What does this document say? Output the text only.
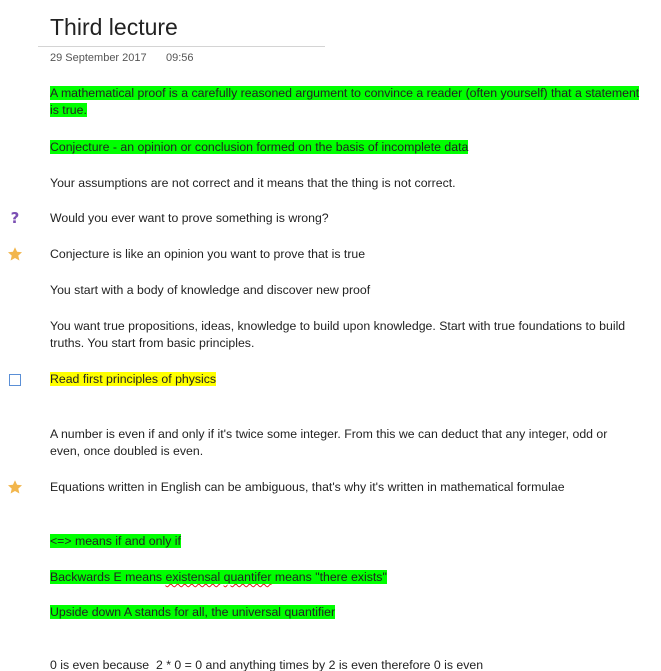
Third lecture
29 September 2017 09:56
A mathematical proof is a carefully reasoned argument to convince a reader (often yourself) that a statement is true.
Conjecture - an opinion or conclusion formed on the basis of incomplete data
Your assumptions are not correct and it means that the thing is not correct.
? Would you ever want to prove something is wrong?
Conjecture is like an opinion you want to prove that is true
You start with a body of knowledge and discover new proof
You want true propositions, ideas, knowledge to build upon knowledge. Start with true foundations to build truths. You start from basic principles.
Read first principles of physics
A number is even if and only if it's twice some integer. From this we can deduct that any integer, odd or even, once doubled is even.
Equations written in English can be ambiguous, that's why it's written in mathematical formulae
<=> means if and only if
Backwards E means existensal quantifer means "there exists"
Upside down A stands for all, the universal quantifier
0 is even because  2 * 0 = 0 and anything times by 2 is even therefore 0 is even
